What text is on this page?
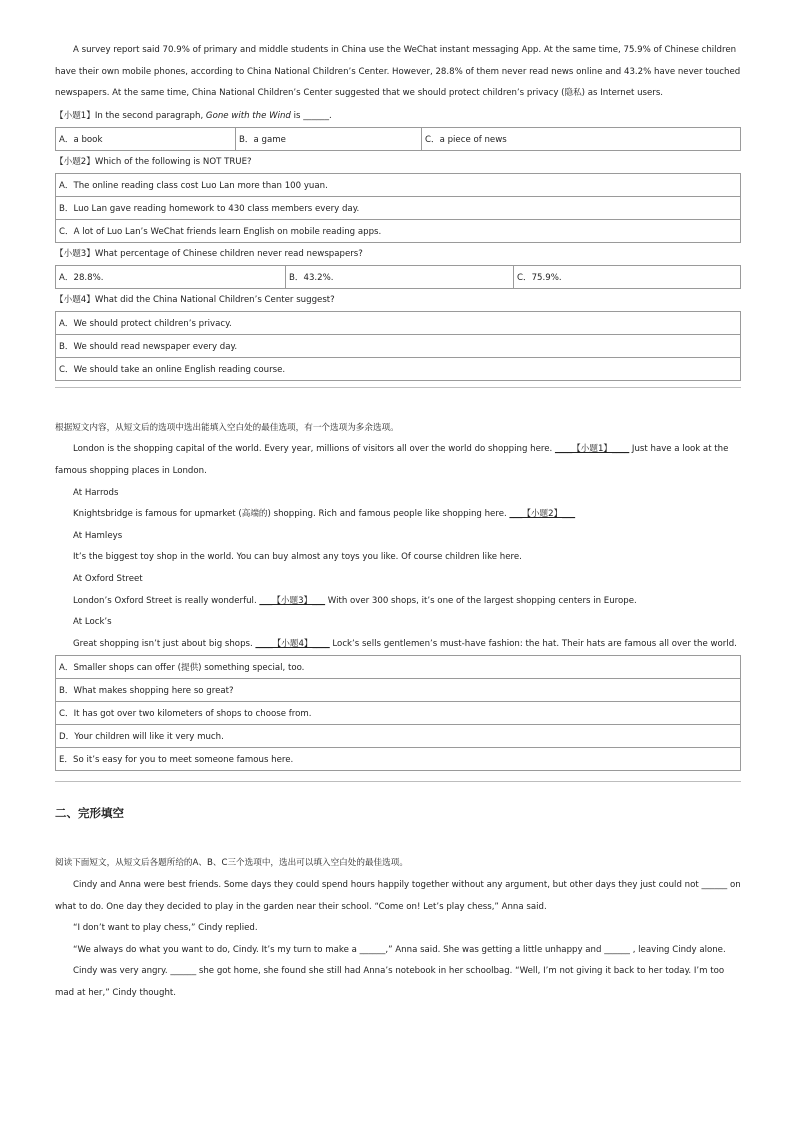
A survey report said 70.9% of primary and middle students in China use the WeChat instant messaging App. At the same time, 75.9% of Chinese children have their own mobile phones, according to China National Children’s Center. However, 28.8% of them never read news online and 43.2% have never touched newspapers. At the same time, China National Children’s Center suggested that we should protect children’s privacy (隐私) as Internet users.

【小题1】In the second paragraph, Gone with the Wind is ______.

A．a book	B．a game	C．a piece of news

【小题2】Which of the following is NOT TRUE?

A．The online reading class cost Luo Lan more than 100 yuan.
B．Luo Lan gave reading homework to 430 class members every day.
C．A lot of Luo Lan’s WeChat friends learn English on mobile reading apps.

【小题3】What percentage of Chinese children never read newspapers?

A．28.8%.	B．43.2%.	C．75.9%.

【小题4】What did the China National Children’s Center suggest?

A．We should protect children’s privacy.
B．We should read newspaper every day.
C．We should take an online English reading course.

根据短文内容，从短文后的选项中选出能填入空白处的最佳选项，有一个选项为多余选项。

London is the shopping capital of the world. Every year, millions of visitors all over the world do shopping here. ____【小题1】____ Just have a look at the famous shopping places in London.

At Harrods

Knightsbridge is famous for upmarket (高端的) shopping. Rich and famous people like shopping here. ___【小题2】___

At Hamleys

It’s the biggest toy shop in the world. You can buy almost any toys you like. Of course children like here.

At Oxford Street

London’s Oxford Street is really wonderful. ___【小题3】___ With over 300 shops, it’s one of the largest shopping centers in Europe.

At Lock’s

Great shopping isn’t just about big shops. ____【小题4】____ Lock’s sells gentlemen’s must-have fashion: the hat. Their hats are famous all over the world.

A．Smaller shops can offer (提供) something special, too.
B．What makes shopping here so great?
C．It has got over two kilometers of shops to choose from.
D．Your children will like it very much.
E．So it’s easy for you to meet someone famous here.
二、完形填空

阅读下面短文，从短文后各题所给的A、B、C三个选项中，选出可以填入空白处的最佳选项。

Cindy and Anna were best friends. Some days they could spend hours happily together without any argument, but other days they just could not ______ on what to do. One day they decided to play in the garden near their school. “Come on! Let’s play chess,” Anna said.

“I don’t want to play chess,” Cindy replied.

“We always do what you want to do, Cindy. It’s my turn to make a ______,” Anna said. She was getting a little unhappy and ______ , leaving Cindy alone.

Cindy was very angry. ______ she got home, she found she still had Anna’s notebook in her schoolbag. “Well, I’m not giving it back to her today. I’m too mad at her,” Cindy thought.
